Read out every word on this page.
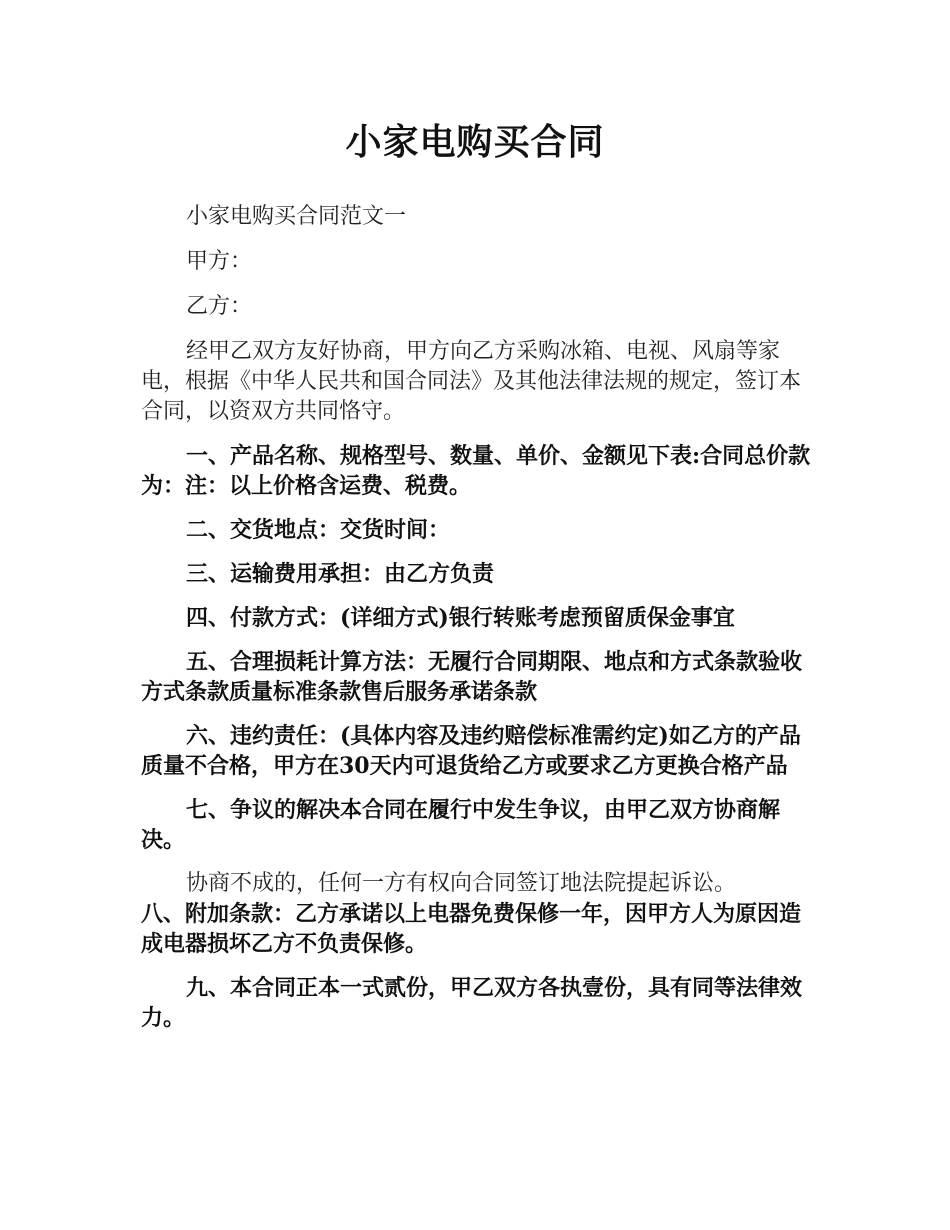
小家电购买合同

小家电购买合同范文一

甲方：

乙方：

经甲乙双方友好协商，甲方向乙方采购冰箱、电视、风扇等家电，根据《中华人民共和国合同法》及其他法律法规的规定，签订本合同，以资双方共同恪守。

一、产品名称、规格型号、数量、单价、金额见下表:合同总价款为：注：以上价格含运费、税费。

二、交货地点：交货时间：

三、运输费用承担：由乙方负责

四、付款方式：(详细方式)银行转账考虑预留质保金事宜

五、合理损耗计算方法：无履行合同期限、地点和方式条款验收方式条款质量标准条款售后服务承诺条款

六、违约责任：(具体内容及违约赔偿标准需约定)如乙方的产品质量不合格，甲方在30天内可退货给乙方或要求乙方更换合格产品

七、争议的解决本合同在履行中发生争议，由甲乙双方协商解决。

协商不成的，任何一方有权向合同签订地法院提起诉讼。

八、附加条款：乙方承诺以上电器免费保修一年，因甲方人为原因造成电器损坏乙方不负责保修。

九、本合同正本一式贰份，甲乙双方各执壹份，具有同等法律效力。
